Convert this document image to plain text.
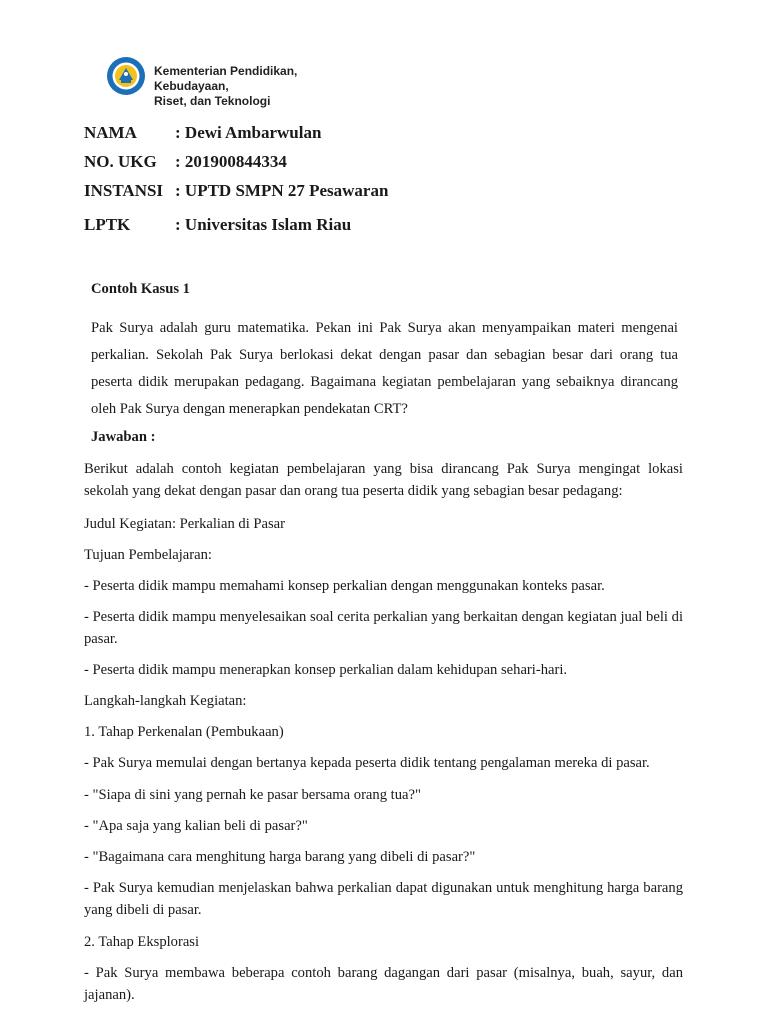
Kementerian Pendidikan, Kebudayaan,
Riset, dan Teknologi
NAMA : Dewi Ambarwulan
NO. UKG : 201900844334
INSTANSI : UPTD SMPN 27 Pesawaran
LPTK	: Universitas Islam Riau
Contoh Kasus 1
Pak Surya adalah guru matematika. Pekan ini Pak Surya akan menyampaikan materi mengenai perkalian. Sekolah Pak Surya berlokasi dekat dengan pasar dan sebagian besar dari orang tua peserta didik merupakan pedagang. Bagaimana kegiatan pembelajaran yang sebaiknya dirancang oleh Pak Surya dengan menerapkan pendekatan CRT?
Jawaban :
Berikut adalah contoh kegiatan pembelajaran yang bisa dirancang Pak Surya mengingat lokasi sekolah yang dekat dengan pasar dan orang tua peserta didik yang sebagian besar pedagang:
Judul Kegiatan: Perkalian di Pasar
Tujuan Pembelajaran:
- Peserta didik mampu memahami konsep perkalian dengan menggunakan konteks pasar.
- Peserta didik mampu menyelesaikan soal cerita perkalian yang berkaitan dengan kegiatan jual beli di pasar.
- Peserta didik mampu menerapkan konsep perkalian dalam kehidupan sehari-hari.
Langkah-langkah Kegiatan:
1. Tahap Perkenalan (Pembukaan)
- Pak Surya memulai dengan bertanya kepada peserta didik tentang pengalaman mereka di pasar.
- "Siapa di sini yang pernah ke pasar bersama orang tua?"
- "Apa saja yang kalian beli di pasar?"
- "Bagaimana cara menghitung harga barang yang dibeli di pasar?"
- Pak Surya kemudian menjelaskan bahwa perkalian dapat digunakan untuk menghitung harga barang yang dibeli di pasar.
2. Tahap Eksplorasi
- Pak Surya membawa beberapa contoh barang dagangan dari pasar (misalnya, buah, sayur, dan jajanan).
